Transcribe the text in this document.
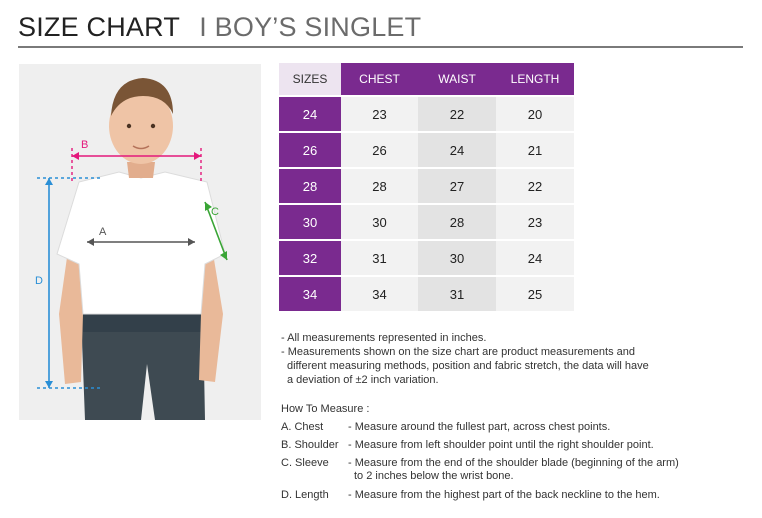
SIZE CHART I BOY’S SINGLET
B
A
C
D
SIZES	CHEST	WAIST	LENGTH
24	23	22	20
26	26	24	21
28	28	27	22
30	30	28	23
32	31	30	24
34	34	31	25
- All measurements represented in inches.
- Measurements shown on the size chart are product measurements and
different measuring methods, position and fabric stretch, the data will have
a deviation of ±2 inch variation.
How To Measure :
A. Chest	- Measure around the fullest part, across chest points.
B. Shoulder - Measure from left shoulder point until the right shoulder point.
C. Sleeve	- Measure from the end of the shoulder blade (beginning of the arm)
to 2 inches below the wrist bone.
D. Length	- Measure from the highest part of the back neckline to the hem.
